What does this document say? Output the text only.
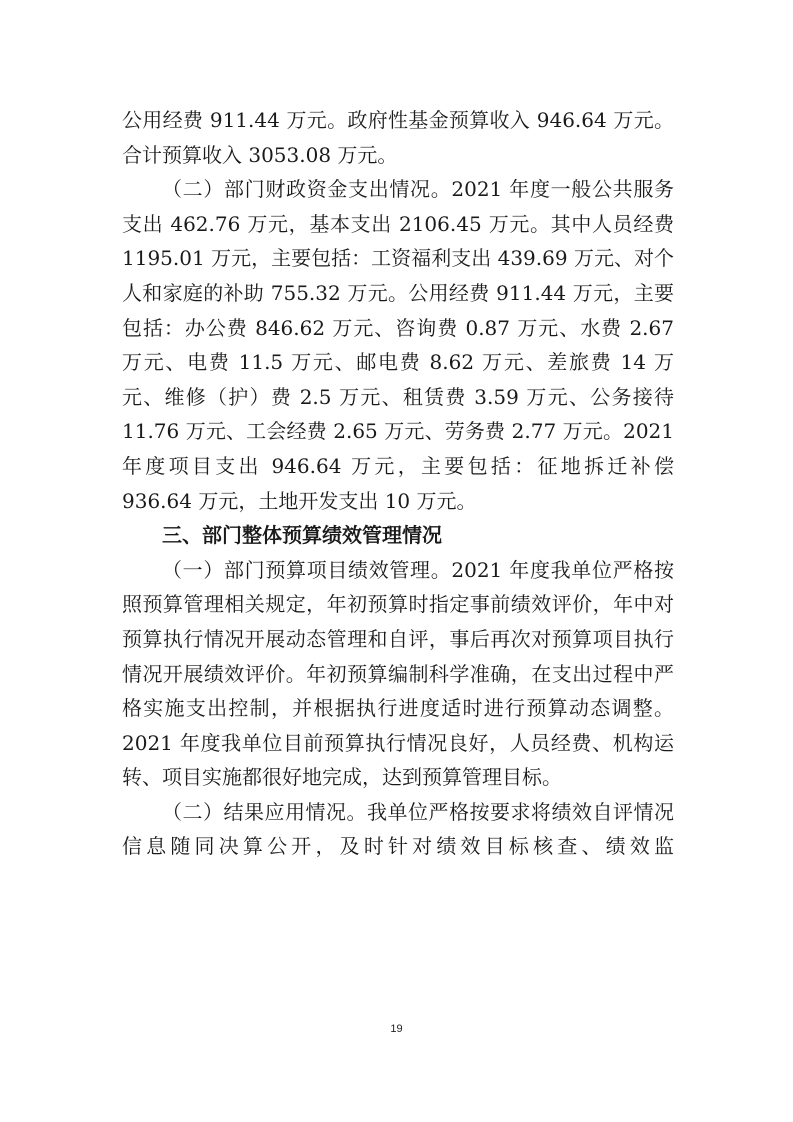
公用经费 911.44 万元。政府性基金预算收入 946.64 万元。

合计预算收入 3053.08 万元。

（二）部门财政资金支出情况。2021 年度一般公共服务支出 462.76 万元，基本支出 2106.45 万元。其中人员经费 1195.01 万元，主要包括：工资福利支出 439.69 万元、对个人和家庭的补助 755.32 万元。公用经费 911.44 万元，主要包括：办公费 846.62 万元、咨询费 0.87 万元、水费 2.67 万元、电费 11.5 万元、邮电费 8.62 万元、差旅费 14 万元、维修（护）费 2.5 万元、租赁费 3.59 万元、公务接待 11.76 万元、工会经费 2.65 万元、劳务费 2.77 万元。2021 年度项目支出 946.64 万元，主要包括：征地拆迁补偿 936.64 万元，土地开发支出 10 万元。

三、部门整体预算绩效管理情况

（一）部门预算项目绩效管理。2021 年度我单位严格按照预算管理相关规定，年初预算时指定事前绩效评价，年中对预算执行情况开展动态管理和自评，事后再次对预算项目执行情况开展绩效评价。年初预算编制科学准确，在支出过程中严格实施支出控制，并根据执行进度适时进行预算动态调整。2021 年度我单位目前预算执行情况良好，人员经费、机构运转、项目实施都很好地完成，达到预算管理目标。

（二）结果应用情况。我单位严格按要求将绩效自评情况信息随同决算公开，及时针对绩效目标核查、绩效监

19
